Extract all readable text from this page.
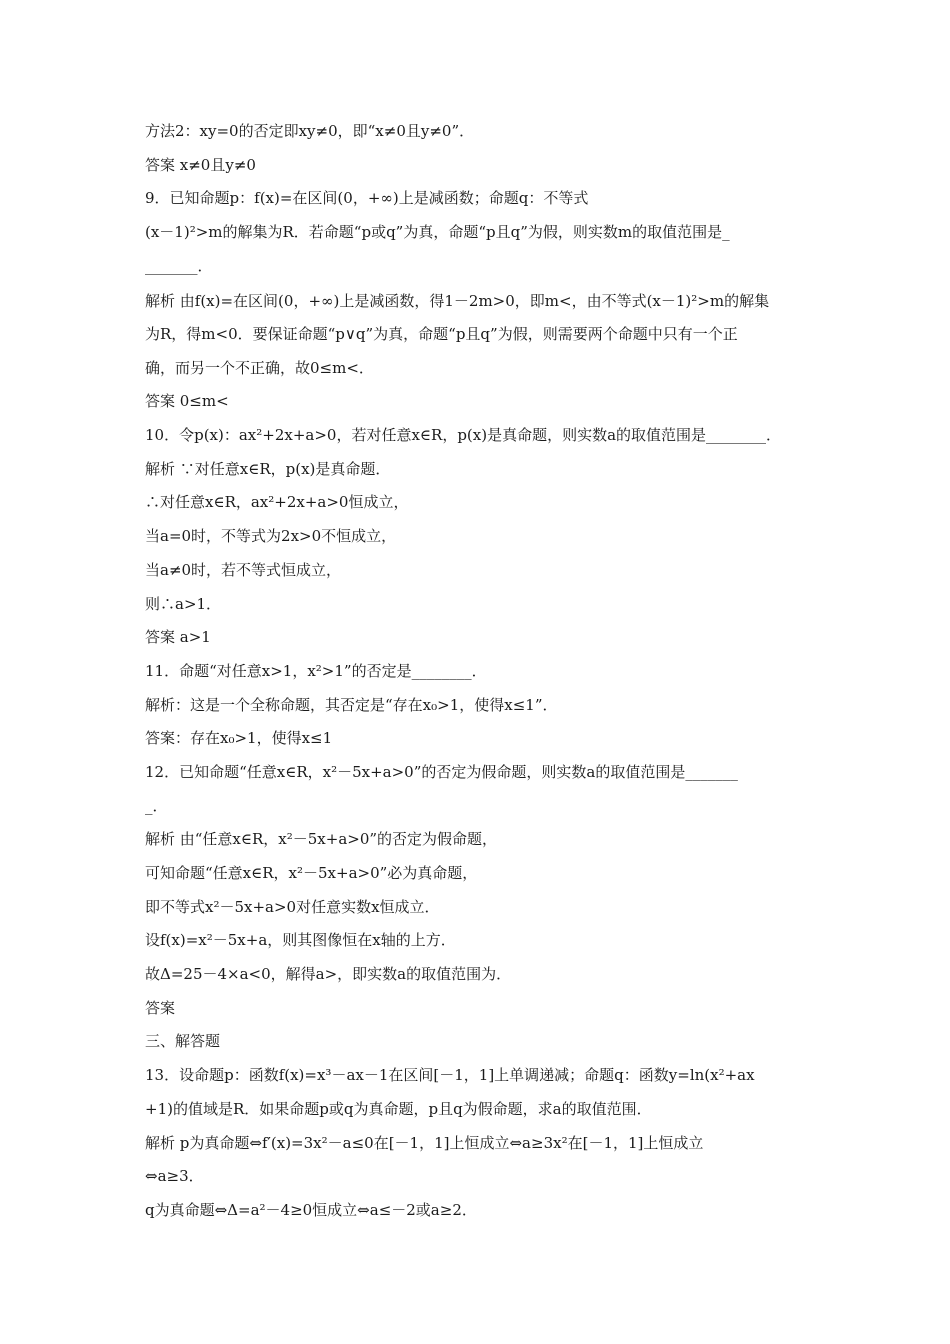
方法2：xy=0的否定即xy≠0，即“x≠0且y≠0”．
答案 x≠0且y≠0
9．已知命题p：f(x)=在区间(0，+∞)上是减函数；命题q：不等式
(x－1)²>m的解集为R．若命题“p或q”为真，命题“p且q”为假，则实数m的取值范围是_
_______．
解析 由f(x)=在区间(0，+∞)上是减函数，得1－2m>0，即m<，由不等式(x－1)²>m的解集
为R，得m<0．要保证命题“p∨q”为真，命题“p且q”为假，则需要两个命题中只有一个正
确，而另一个不正确，故0≤m<．
答案 0≤m<
10．令p(x)：ax²+2x+a>0，若对任意x∈R，p(x)是真命题，则实数a的取值范围是________．
解析 ∵对任意x∈R，p(x)是真命题．
∴对任意x∈R，ax²+2x+a>0恒成立，
当a=0时，不等式为2x>0不恒成立，
当a≠0时，若不等式恒成立，
则∴a>1．
答案 a>1
11．命题“对任意x>1，x²>1”的否定是________．
解析：这是一个全称命题，其否定是“存在x₀>1，使得x≤1”．
答案：存在x₀>1，使得x≤1
12．已知命题“任意x∈R，x²－5x+a>0”的否定为假命题，则实数a的取值范围是_______
_．
解析 由“任意x∈R，x²－5x+a>0”的否定为假命题，
可知命题“任意x∈R，x²－5x+a>0”必为真命题，
即不等式x²－5x+a>0对任意实数x恒成立．
设f(x)=x²－5x+a，则其图像恒在x轴的上方．
故Δ=25－4×a<0，解得a>，即实数a的取值范围为．
答案
三、解答题
13．设命题p：函数f(x)=x³－ax－1在区间[－1，1]上单调递减；命题q：函数y=ln(x²+ax
+1)的值域是R．如果命题p或q为真命题，p且q为假命题，求a的取值范围．
解析 p为真命题⇔f′(x)=3x²－a≤0在[－1，1]上恒成立⇔a≥3x²在[－1，1]上恒成立
⇔a≥3．
q为真命题⇔Δ=a²－4≥0恒成立⇔a≤－2或a≥2．
